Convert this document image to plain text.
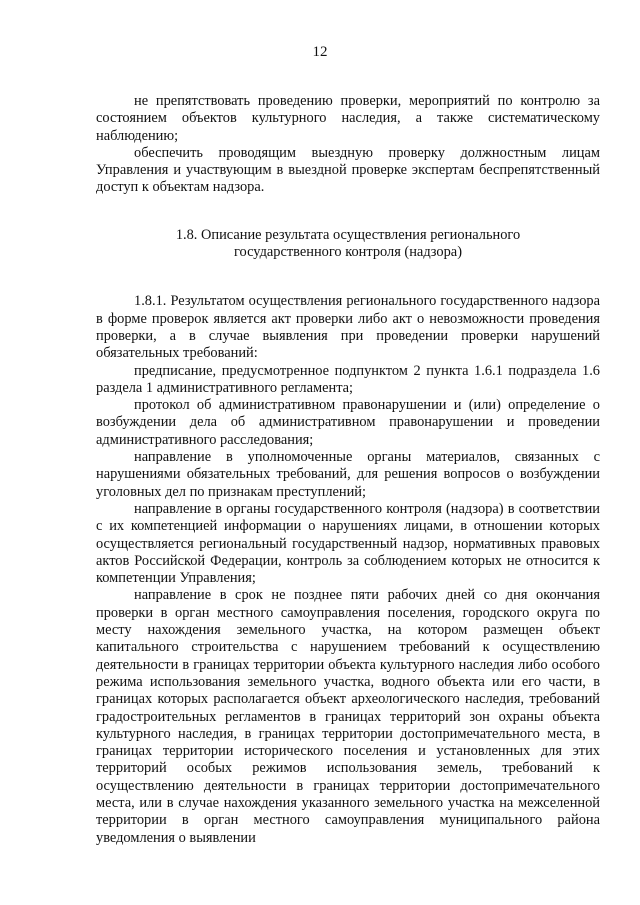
12

не препятствовать проведению проверки, мероприятий по контролю за состоянием объектов культурного наследия, а также систематическому наблюдению;

обеспечить проводящим выездную проверку должностным лицам Управления и участвующим в выездной проверке экспертам беспрепятственный доступ к объектам надзора.

1.8. Описание результата осуществления регионального
государственного контроля (надзора)

1.8.1. Результатом осуществления регионального государственного надзора в форме проверок является акт проверки либо акт о невозможности проведения проверки, а в случае выявления при проведении проверки нарушений обязательных требований:

предписание, предусмотренное подпунктом 2 пункта 1.6.1 подраздела 1.6 раздела 1 административного регламента;

протокол об административном правонарушении и (или) определение о возбуждении дела об административном правонарушении и проведении административного расследования;

направление в уполномоченные органы материалов, связанных с нарушениями обязательных требований, для решения вопросов о возбуждении уголовных дел по признакам преступлений;

направление в органы государственного контроля (надзора) в соответствии с их компетенцией информации о нарушениях лицами, в отношении которых осуществляется региональный государственный надзор, нормативных правовых актов Российской Федерации, контроль за соблюдением которых не относится к компетенции Управления;

направление в срок не позднее пяти рабочих дней со дня окончания проверки в орган местного самоуправления поселения, городского округа по месту нахождения земельного участка, на котором размещен объект капитального строительства с нарушением требований к осуществлению деятельности в границах территории объекта культурного наследия либо особого режима использования земельного участка, водного объекта или его части, в границах которых располагается объект археологического наследия, требований градостроительных регламентов в границах территорий зон охраны объекта культурного наследия, в границах территории достопримечательного места, в границах территории исторического поселения и установленных для этих территорий особых режимов использования земель, требований к осуществлению деятельности в границах территории достопримечательного места, или в случае нахождения указанного земельного участка на межселенной территории в орган местного самоуправления муниципального района уведомления о выявлении
